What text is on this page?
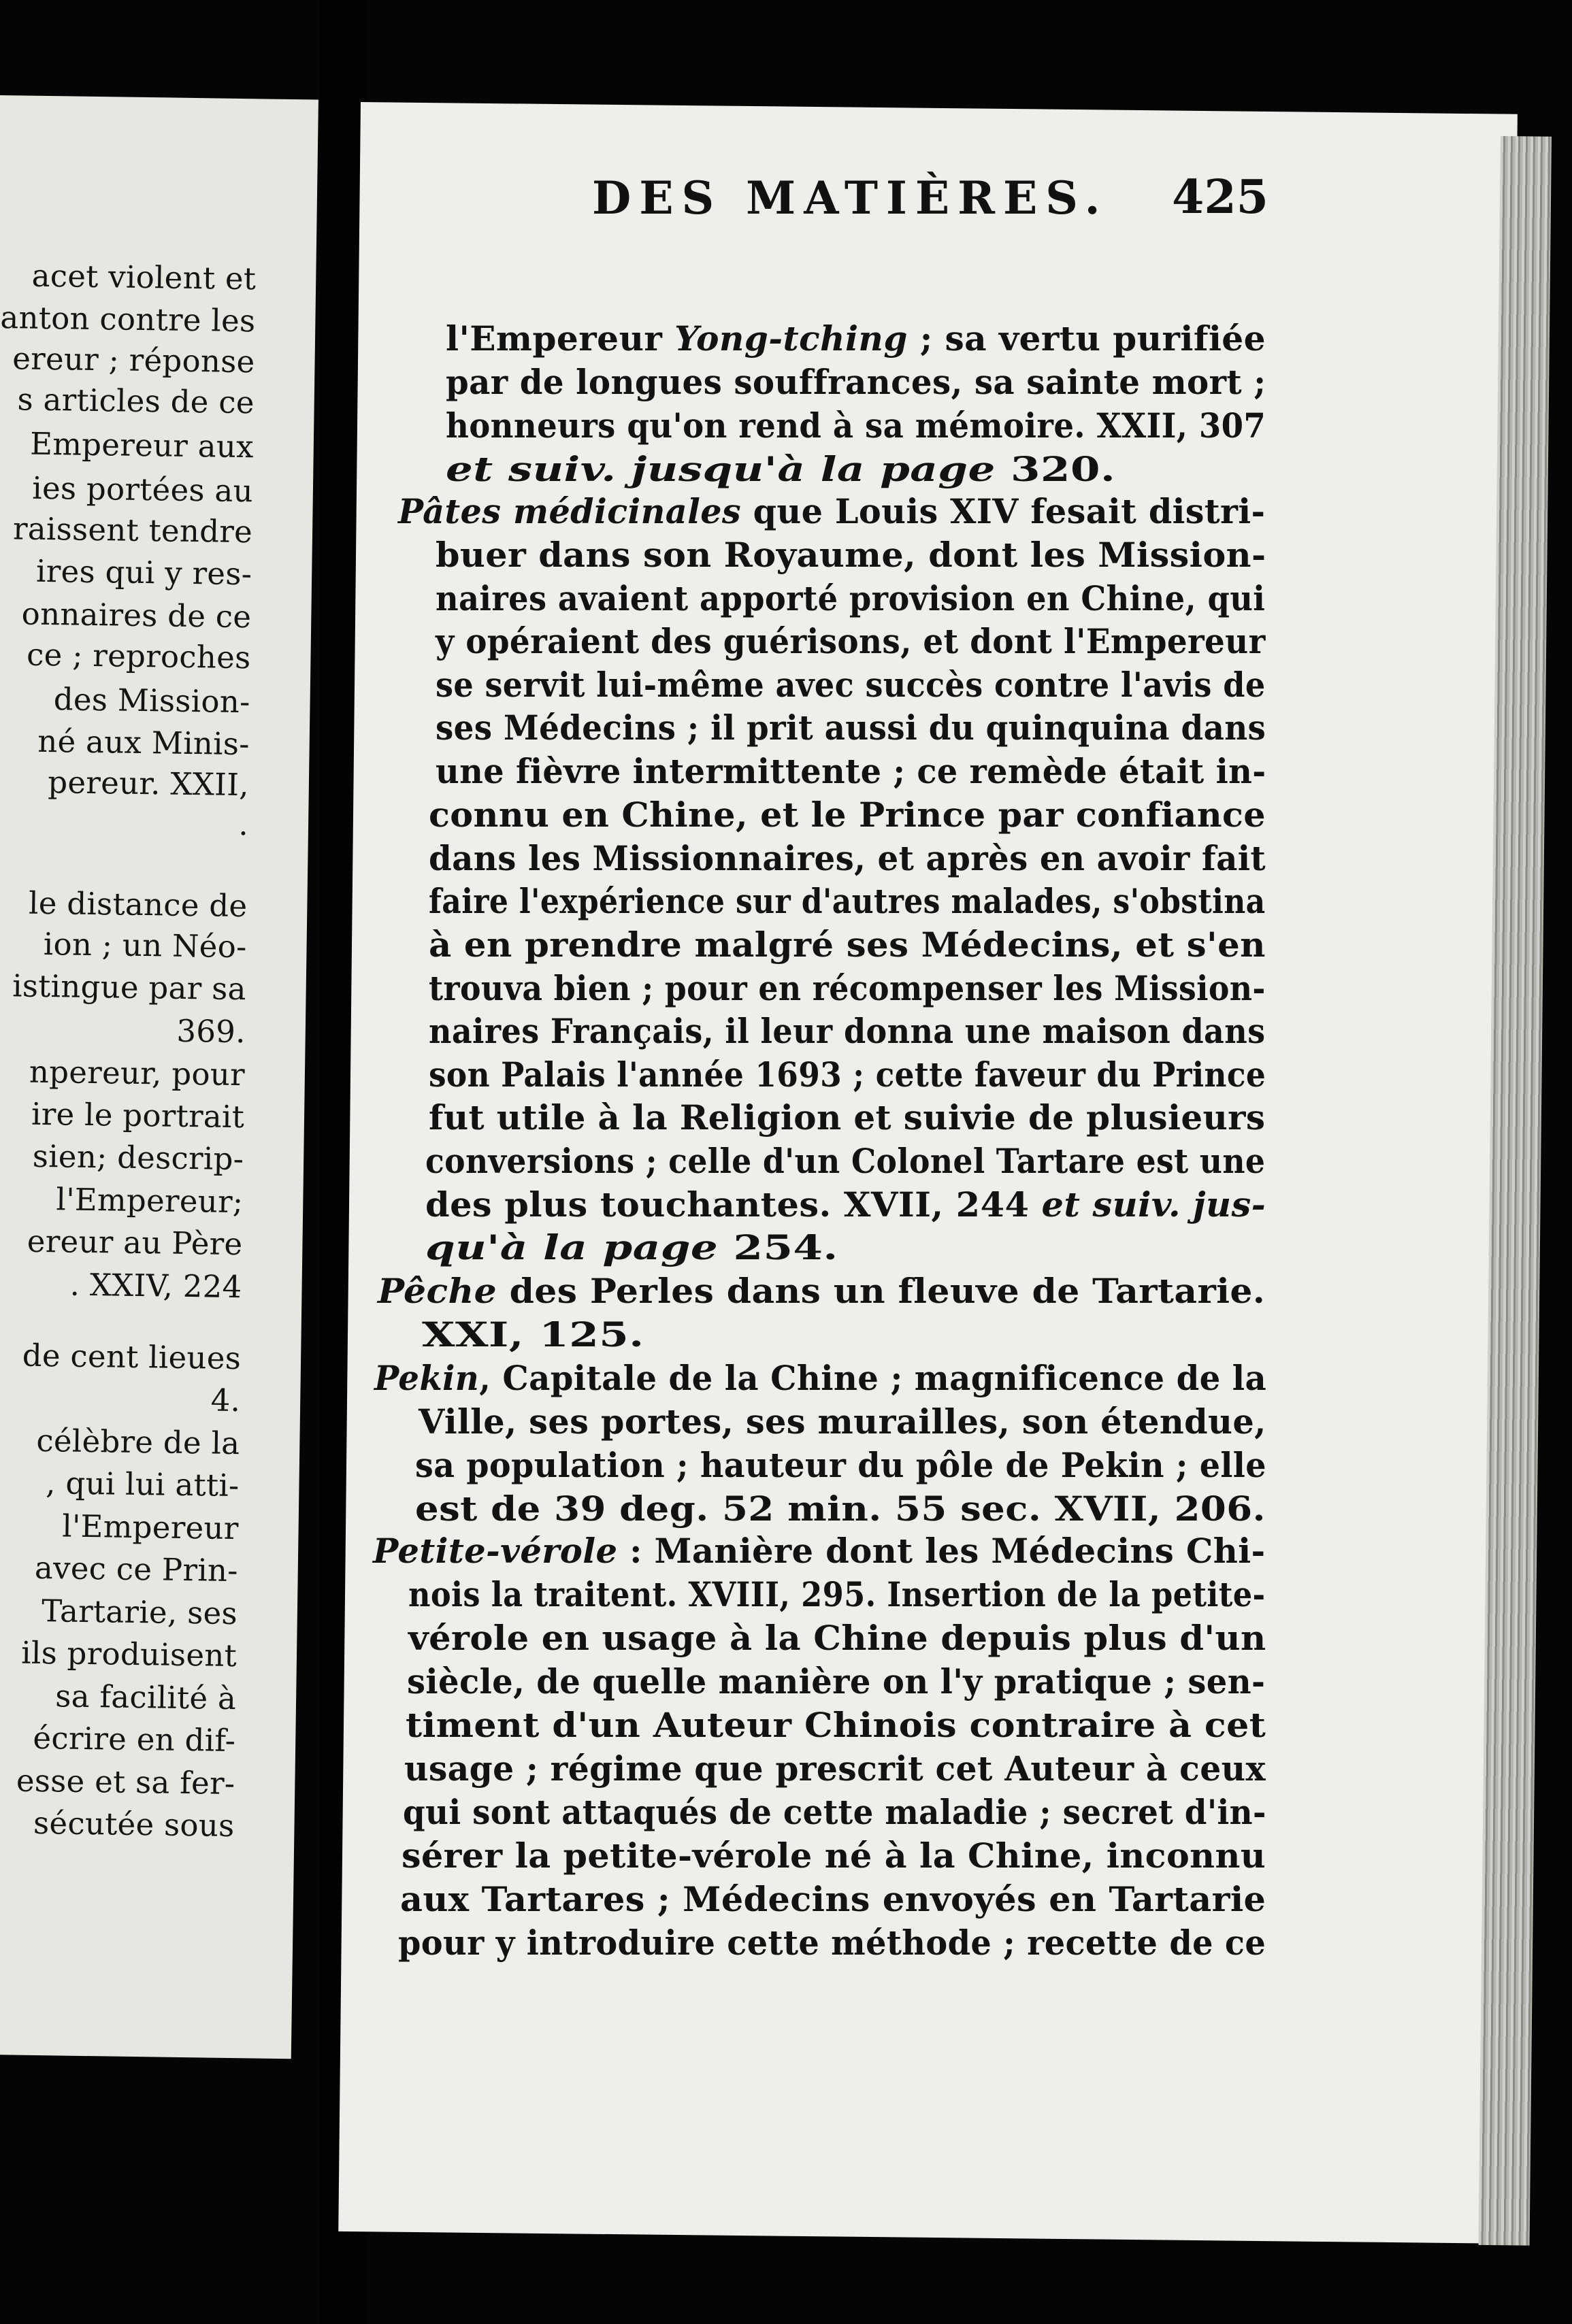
acet violent et
anton contre les
ereur ; réponse
s articles de ce
Empereur aux
ies portées au
raissent tendre
ires qui y res-
onnaires de ce
ce ; reproches
des Mission-
né aux Minis-
pereur. XXII,
.
le distance de
ion ; un Néo-
istingue par sa
369.
npereur, pour
ire le portrait
sien; descrip-
l'Empereur;
ereur au Père
. XXIV, 224
de cent lieues
4.
célèbre de la
, qui lui atti-
l'Empereur
avec ce Prin-
Tartarie, ses
ils produisent
sa facilité à
écrire en dif-
esse et sa fer-
sécutée sous
DES MATIÈRES. 425
l'Empereur Yong-tching ; sa vertu purifiée
par de longues souffrances, sa sainte mort ;
honneurs qu'on rend à sa mémoire. XXII, 307
et suiv. jusqu'à la page 320.
Pâtes médicinales que Louis XIV fesait distri-
buer dans son Royaume, dont les Mission-
naires avaient apporté provision en Chine, qui
y opéraient des guérisons, et dont l'Empereur
se servit lui-même avec succès contre l'avis de
ses Médecins ; il prit aussi du quinquina dans
une fièvre intermittente ; ce remède était in-
connu en Chine, et le Prince par confiance
dans les Missionnaires, et après en avoir fait
faire l'expérience sur d'autres malades, s'obstina
à en prendre malgré ses Médecins, et s'en
trouva bien ; pour en récompenser les Mission-
naires Français, il leur donna une maison dans
son Palais l'année 1693 ; cette faveur du Prince
fut utile à la Religion et suivie de plusieurs
conversions ; celle d'un Colonel Tartare est une
des plus touchantes. XVII, 244 et suiv. jus-
qu'à la page 254.
Pêche des Perles dans un fleuve de Tartarie.
XXI, 125.
Pekin, Capitale de la Chine ; magnificence de la
Ville, ses portes, ses murailles, son étendue,
sa population ; hauteur du pôle de Pekin ; elle
est de 39 deg. 52 min. 55 sec. XVII, 206.
Petite-vérole : Manière dont les Médecins Chi-
nois la traitent. XVIII, 295. Insertion de la petite-
vérole en usage à la Chine depuis plus d'un
siècle, de quelle manière on l'y pratique ; sen-
timent d'un Auteur Chinois contraire à cet
usage ; régime que prescrit cet Auteur à ceux
qui sont attaqués de cette maladie ; secret d'in-
sérer la petite-vérole né à la Chine, inconnu
aux Tartares ; Médecins envoyés en Tartarie
pour y introduire cette méthode ; recette de ce
